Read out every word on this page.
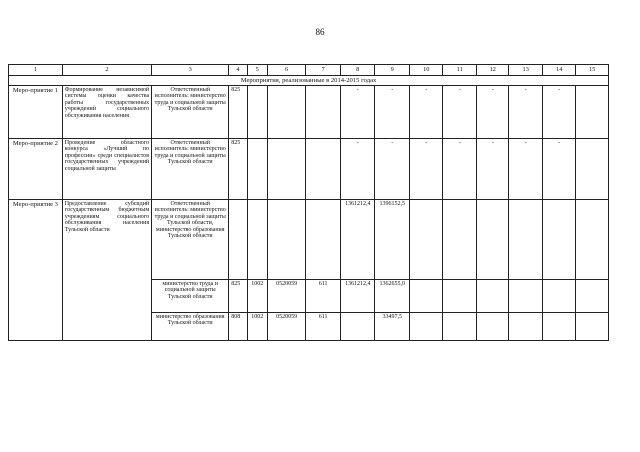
86
1	2	3	4	5	6	7	8	9	10	11	12	13	14	15
Мероприятия, реализованные в 2014-2015 годах														
Меро-приятие 1	Формирование независимой системы оценки качества работы государственных учреждений социального обслуживания населения	Ответственный исполнитель: министерство труда и социальной защиты Тульской области	825				-	-	-	-	-	-	-	
Меро-приятие 2	Проведение областного конкурса «Лучший по профессии» среди специалистов государственных учреждений социальной защиты	Ответственный исполнитель: министерство труда и социальной защиты Тульской области	825				-	-	-	-	-	-	-	
Меро-приятие 3	Предоставление субсидий государственным бюджетным учреждениям социального обслуживания населения Тульской области	Ответственный исполнитель: министерство труда и социальной защиты Тульской области, министерство образования Тульской области					1361212,4	1396152,5						
		министерство труда и социальной защиты Тульской области	825	1002	0520059	611	1361212,4	1362655,0						
		министерство образования Тульской области	808	1002	0520059	611		33497,5						
